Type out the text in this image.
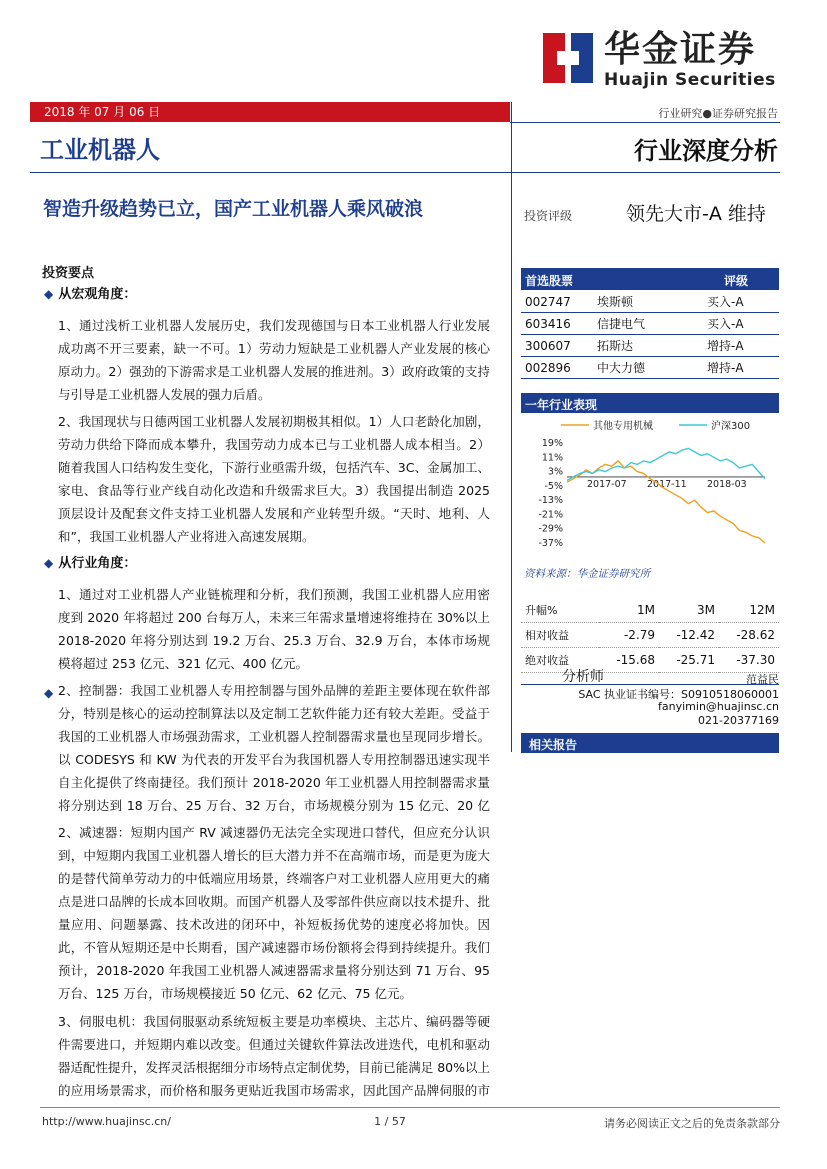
华金证券
Huajin Securities
2018 年 07 月 06 日	行业研究●证券研究报告
工业机器人	行业深度分析
智造升级趋势已立，国产工业机器人乘风破浪	投资评级	领先大市-A 维持
投资要点
◆ 从宏观角度：

1、通过浅析工业机器人发展历史，我们发现德国与日本工业机器人行业发展成功离不开三要素，缺一不可。1）劳动力短缺是工业机器人产业发展的核心原动力。2）强劲的下游需求是工业机器人发展的推进剂。3）政府政策的支持与引导是工业机器人发展的强力后盾。

2、我国现状与日德两国工业机器人发展初期极其相似。1）人口老龄化加剧，劳动力供给下降而成本攀升，我国劳动力成本已与工业机器人成本相当。2）随着我国人口结构发生变化，下游行业亟需升级，包括汽车、3C、金属加工、家电、食品等行业产线自动化改造和升级需求巨大。3）我国提出制造 2025 顶层设计及配套文件支持工业机器人发展和产业转型升级。“天时、地利、人和”，我国工业机器人产业将进入高速发展期。

◆ 从行业角度：

1、通过对工业机器人产业链梳理和分析，我们预测，我国工业机器人应用密度到 2020 年将超过 200 台每万人，未来三年需求量增速将维持在 30%以上 2018-2020 年将分别达到 19.2 万台、25.3 万台、32.9 万台，本体市场规模将超过 253 亿元、321 亿元、400 亿元。

◆ 2、控制器：我国工业机器人专用控制器与国外品牌的差距主要体现在软件部分，特别是核心的运动控制算法以及定制工艺软件能力还有较大差距。受益于我国的工业机器人市场强劲需求，工业机器人控制器需求量也呈现同步增长。以 CODESYS 和 KW 为代表的开发平台为我国机器人专用控制器迅速实现半自主化提供了终南捷径。我们预计 2018-2020 年工业机器人用控制器需求量将分别达到 18 万台、25 万台、32 万台，市场规模分别为 15 亿元、20 亿

2、减速器：短期内国产 RV 减速器仍无法完全实现进口替代，但应充分认识到，中短期内我国工业机器人增长的巨大潜力并不在高端市场，而是更为庞大的是替代简单劳动力的中低端应用场景，终端客户对工业机器人应用更大的痛点是进口品牌的长成本回收期。而国产机器人及零部件供应商以技术提升、批量应用、问题暴露、技术改进的闭环中，补短板扬优势的速度必将加快。因此，不管从短期还是中长期看，国产减速器市场份额将会得到持续提升。我们预计，2018-2020 年我国工业机器人减速器需求量将分别达到 71 万台、95 万台、125 万台，市场规模接近 50 亿元、62 亿元、75 亿元。

3、伺服电机：我国伺服驱动系统短板主要是功率模块、主芯片、编码器等硬件需要进口，并短期内难以改变。但通过关键软件算法改进迭代，电机和驱动器适配性提升，发挥灵活根据细分市场特点定制优势，目前已能满足 80%以上的应用场景需求，而价格和服务更贴近我国市场需求，因此国产品牌伺服的市

首选股票	评级
002747	埃斯顿	买入-A
603416	信捷电气	买入-A
300607	拓斯达	增持-A
002896	中大力德	增持-A
一年行业表现
其他专用机械	沪深300
19%
11%
3%
-5%
-13%
-21%
-29%
-37%
2017-07 2017-11 2018-03
资料来源：华金证券研究所
升幅%	1M	3M	12M
相对收益	-2.79	-12.42	-28.62
绝对收益	-15.68	-25.71	-37.30
分析师	范益民
SAC 执业证书编号：S0910518060001
fanyimin@huajinsc.cn
021-20377169
相关报告
http://www.huajinsc.cn/	1 / 57	请务必阅读正文之后的免责条款部分
